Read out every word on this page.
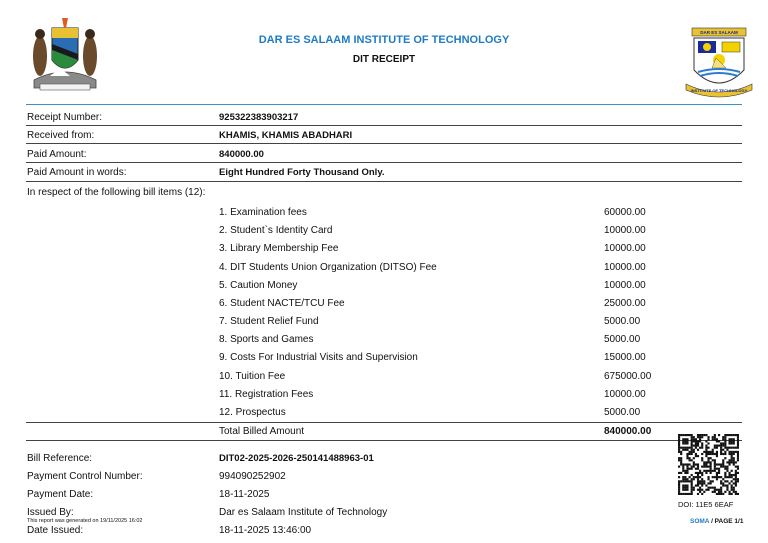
DAR ES SALAAM INSTITUTE OF TECHNOLOGY
DIT RECEIPT
DAR ES SALAAM
INSTITUTE OF TECHNOLOGY
Receipt Number:	925322383903217
Received from:	KHAMIS, KHAMIS ABADHARI
Paid Amount:	840000.00
Paid Amount in words:	Eight Hundred Forty Thousand Only.
In respect of the following bill items (12):
1. Examination fees	60000.00
2. Student`s Identity Card	10000.00
3. Library Membership Fee	10000.00
4. DIT Students Union Organization (DITSO) Fee	10000.00
5. Caution Money	10000.00
6. Student NACTE/TCU Fee	25000.00
7. Student Relief Fund	5000.00
8. Sports and Games	5000.00
9. Costs For Industrial Visits and Supervision	15000.00
10. Tuition Fee	675000.00
11. Registration Fees	10000.00
12. Prospectus	5000.00
Total Billed Amount	840000.00
Bill Reference:	DIT02-2025-2026-250141488963-01
Payment Control Number:	994090252902
Payment Date:	18-11-2025
Issued By:	Dar es Salaam Institute of Technology
This report was generated on 19/11/2025 16:02
Date Issued:	18-11-2025 13:46:00
DOI: 11E5 6EAF
SOMA / PAGE 1/1
